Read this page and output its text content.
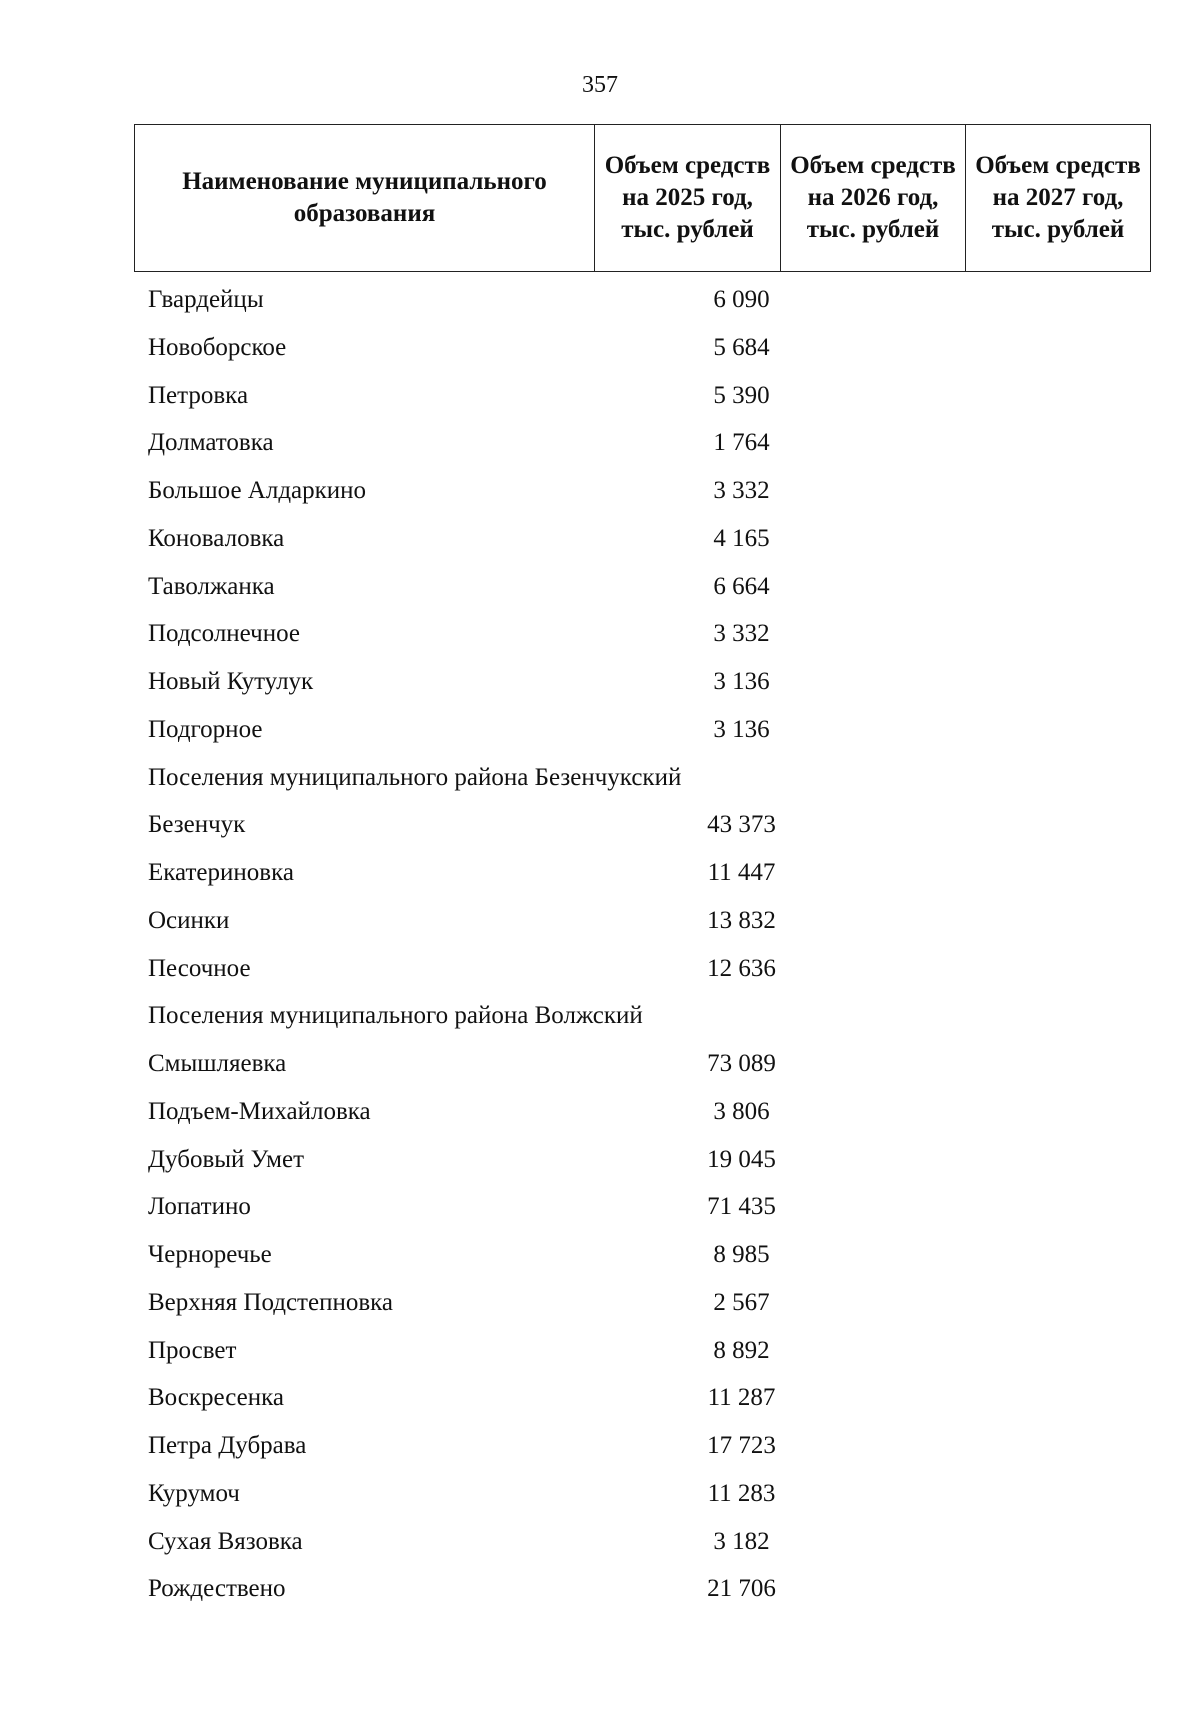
357
Наименование муниципального образования	Объем средств на 2025 год, тыс. рублей	Объем средств на 2026 год, тыс. рублей	Объем средств на 2027 год, тыс. рублей
Гвардейцы	6 090
Новоборское	5 684
Петровка	5 390
Долматовка	1 764
Большое Алдаркино	3 332
Коноваловка	4 165
Таволжанка	6 664
Подсолнечное	3 332
Новый Кутулук	3 136
Подгорное	3 136
Поселения муниципального района Безенчукский
Безенчук	43 373
Екатериновка	11 447
Осинки	13 832
Песочное	12 636
Поселения муниципального района Волжский
Смышляевка	73 089
Подъем-Михайловка	3 806
Дубовый Умет	19 045
Лопатино	71 435
Черноречье	8 985
Верхняя Подстепновка	2 567
Просвет	8 892
Воскресенка	11 287
Петра Дубрава	17 723
Курумоч	11 283
Сухая Вязовка	3 182
Рождествено	21 706
